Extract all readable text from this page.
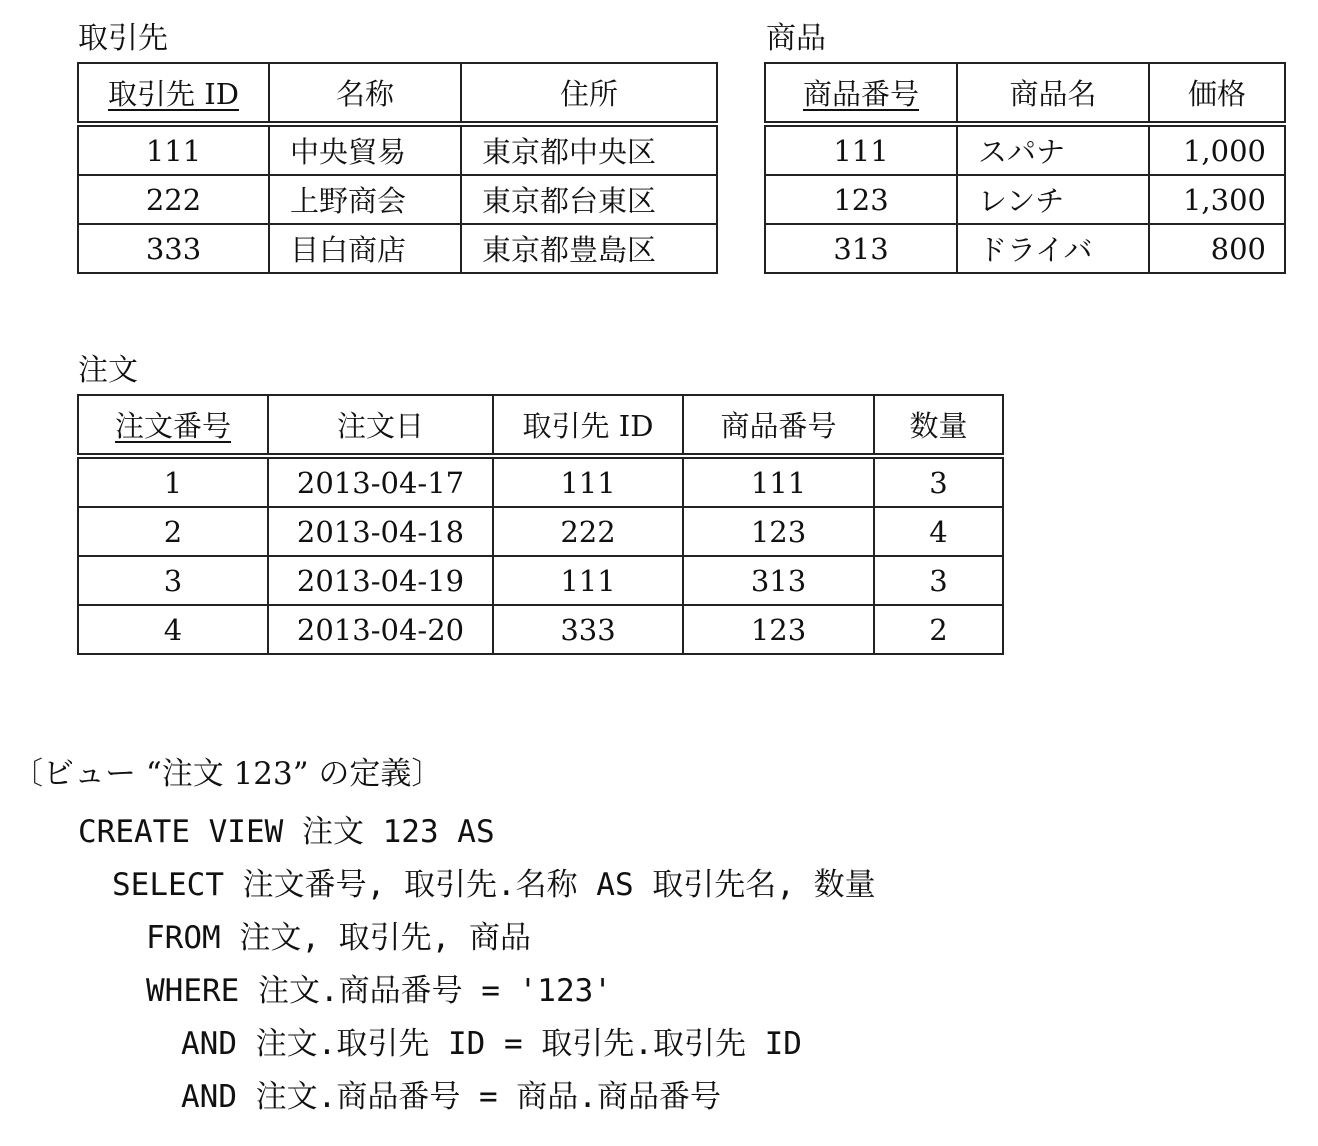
取引先
取引先 ID	名称	住所
111	中央貿易	東京都中央区
222	上野商会	東京都台東区
333	目白商店	東京都豊島区
商品
商品番号	商品名	価格
111	スパナ	1,000
123	レンチ	1,300
313	ドライバ	800
注文
注文番号	注文日	取引先 ID	商品番号	数量
1	2013-04-17	111	111	3
2	2013-04-18	222	123	4
3	2013-04-19	111	313	3
4	2013-04-20	333	123	2
〔ビュー “注文 123” の定義〕
CREATE VIEW 注文 123 AS
SELECT 注文番号, 取引先.名称 AS 取引先名, 数量
FROM 注文, 取引先, 商品
WHERE 注文.商品番号 = '123'
AND 注文.取引先 ID = 取引先.取引先 ID
AND 注文.商品番号 = 商品.商品番号
